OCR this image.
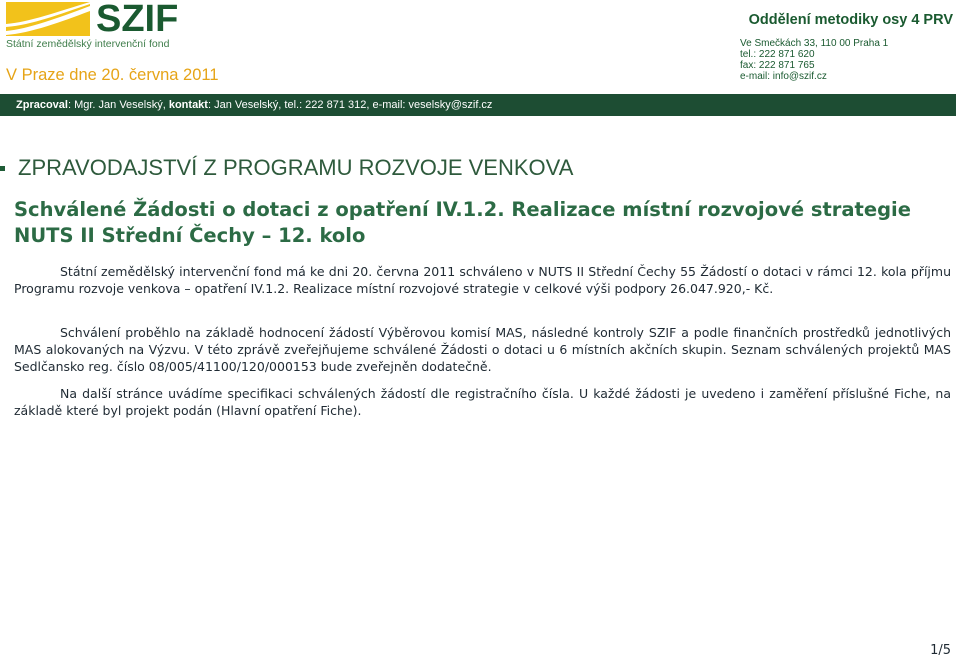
SZIF
Státní zemědělský intervenční fond
V Praze dne 20. června 2011
Oddělení metodiky osy 4 PRV
Ve Smečkách 33, 110 00 Praha 1
tel.: 222 871 620
fax: 222 871 765
e-mail: info@szif.cz
Zpracoval: Mgr. Jan Veselský, kontakt: Jan Veselský, tel.: 222 871 312, e-mail: veselsky@szif.cz
ZPRAVODAJSTVÍ Z PROGRAMU ROZVOJE VENKOVA
Schválené Žádosti o dotaci z opatření IV.1.2. Realizace místní rozvojové strategie NUTS II Střední Čechy – 12. kolo

Státní zemědělský intervenční fond má ke dni 20. června 2011 schváleno v NUTS II Střední Čechy 55 Žádostí o dotaci v rámci 12. kola příjmu Programu rozvoje venkova – opatření IV.1.2. Realizace místní rozvojové strategie v celkové výši podpory 26.047.920,- Kč.

Schválení proběhlo na základě hodnocení žádostí Výběrovou komisí MAS, následné kontroly SZIF a podle finančních prostředků jednotlivých MAS alokovaných na Výzvu. V této zprávě zveřejňujeme schválené Žádosti o dotaci u 6 místních akčních skupin. Seznam schválených projektů MAS Sedlčansko reg. číslo 08/005/41100/120/000153 bude zveřejněn dodatečně.

Na další stránce uvádíme specifikaci schválených žádostí dle registračního čísla. U každé žádosti je uvedeno i zaměření příslušné Fiche, na základě které byl projekt podán (Hlavní opatření Fiche).

1/5
